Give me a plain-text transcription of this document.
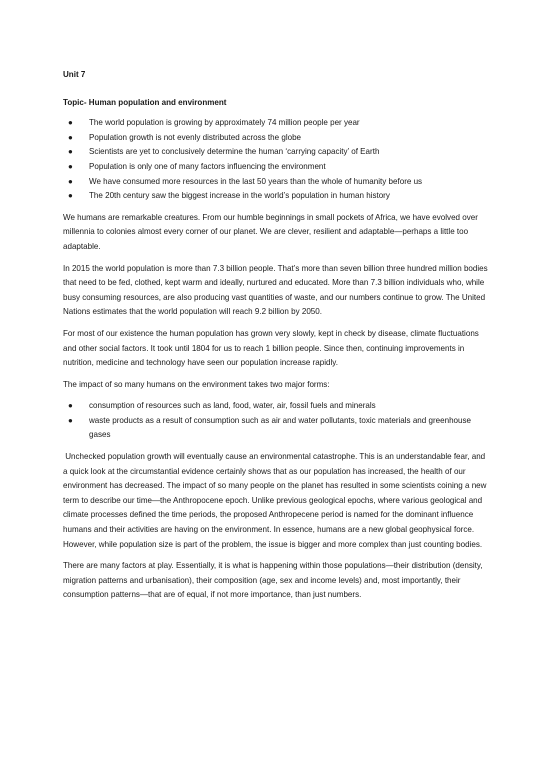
Unit 7
Topic- Human population and environment
● The world population is growing by approximately 74 million people per year
● Population growth is not evenly distributed across the globe
● Scientists are yet to conclusively determine the human ‘carrying capacity’ of Earth
● Population is only one of many factors influencing the environment
● We have consumed more resources in the last 50 years than the whole of humanity before us
● The 20th century saw the biggest increase in the world’s population in human history

We humans are remarkable creatures. From our humble beginnings in small pockets of Africa, we have evolved over millennia to colonies almost every corner of our planet. We are clever, resilient and adaptable—perhaps a little too adaptable.

In 2015 the world population is more than 7.3 billion people. That’s more than seven billion three hundred million bodies that need to be fed, clothed, kept warm and ideally, nurtured and educated. More than 7.3 billion individuals who, while busy consuming resources, are also producing vast quantities of waste, and our numbers continue to grow. The United Nations estimates that the world population will reach 9.2 billion by 2050.

For most of our existence the human population has grown very slowly, kept in check by disease, climate fluctuations and other social factors. It took until 1804 for us to reach 1 billion people. Since then, continuing improvements in nutrition, medicine and technology have seen our population increase rapidly.

The impact of so many humans on the environment takes two major forms:

● consumption of resources such as land, food, water, air, fossil fuels and minerals
● waste products as a result of consumption such as air and water pollutants, toxic materials and greenhouse gases

Unchecked population growth will eventually cause an environmental catastrophe. This is an understandable fear, and a quick look at the circumstantial evidence certainly shows that as our population has increased, the health of our environment has decreased. The impact of so many people on the planet has resulted in some scientists coining a new term to describe our time—the Anthropocene epoch. Unlike previous geological epochs, where various geological and climate processes defined the time periods, the proposed Anthropecene period is named for the dominant influence humans and their activities are having on the environment. In essence, humans are a new global geophysical force. However, while population size is part of the problem, the issue is bigger and more complex than just counting bodies.

There are many factors at play. Essentially, it is what is happening within those populations—their distribution (density, migration patterns and urbanisation), their composition (age, sex and income levels) and, most importantly, their consumption patterns—that are of equal, if not more importance, than just numbers.
